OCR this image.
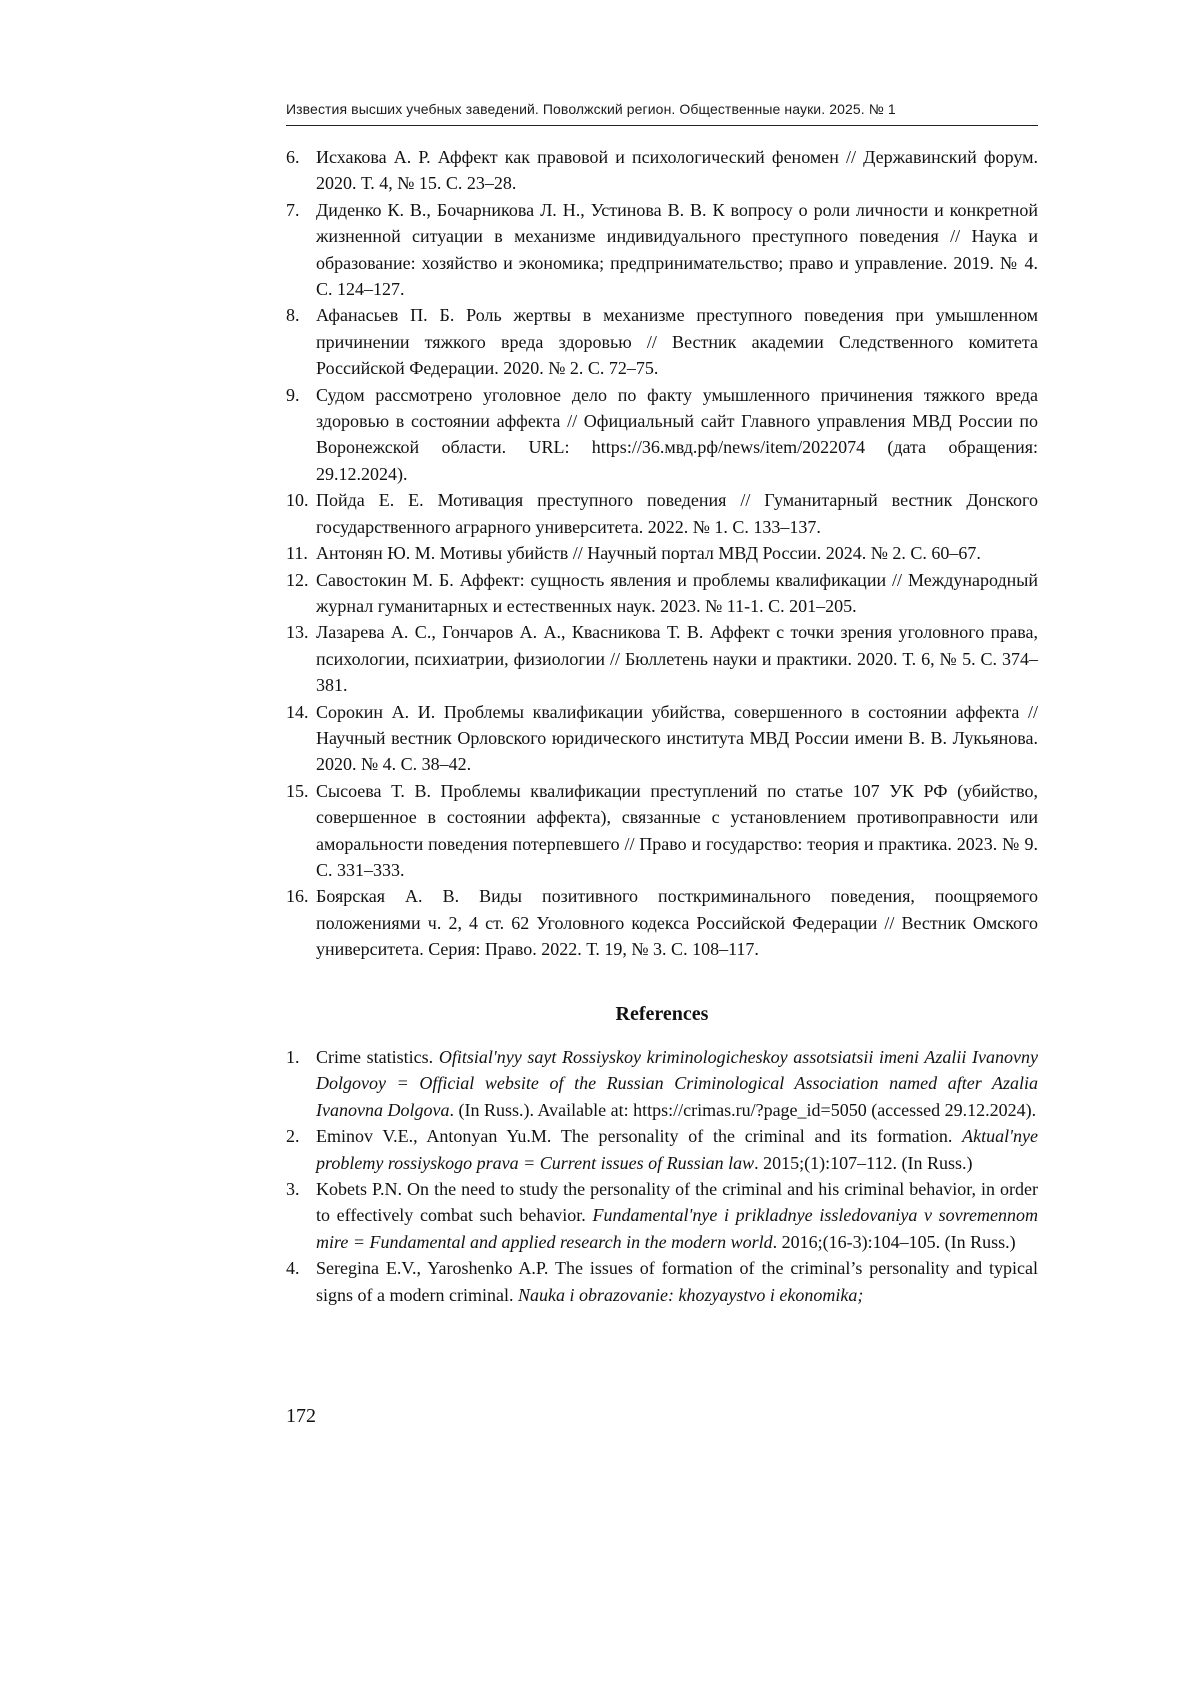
Известия высших учебных заведений. Поволжский регион. Общественные науки. 2025. № 1
6. Исхакова А. Р. Аффект как правовой и психологический феномен // Державинский форум. 2020. Т. 4, № 15. С. 23–28.
7. Диденко К. В., Бочарникова Л. Н., Устинова В. В. К вопросу о роли личности и конкретной жизненной ситуации в механизме индивидуального преступного поведения // Наука и образование: хозяйство и экономика; предпринимательство; право и управление. 2019. № 4. С. 124–127.
8. Афанасьев П. Б. Роль жертвы в механизме преступного поведения при умышленном причинении тяжкого вреда здоровью // Вестник академии Следственного комитета Российской Федерации. 2020. № 2. С. 72–75.
9. Судом рассмотрено уголовное дело по факту умышленного причинения тяжкого вреда здоровью в состоянии аффекта // Официальный сайт Главного управления МВД России по Воронежской области. URL: https://36.мвд.рф/news/item/2022074 (дата обращения: 29.12.2024).
10. Пойда Е. Е. Мотивация преступного поведения // Гуманитарный вестник Донского государственного аграрного университета. 2022. № 1. С. 133–137.
11. Антонян Ю. М. Мотивы убийств // Научный портал МВД России. 2024. № 2. С. 60–67.
12. Савостокин М. Б. Аффект: сущность явления и проблемы квалификации // Международный журнал гуманитарных и естественных наук. 2023. № 11-1. С. 201–205.
13. Лазарева А. С., Гончаров А. А., Квасникова Т. В. Аффект с точки зрения уголовного права, психологии, психиатрии, физиологии // Бюллетень науки и практики. 2020. Т. 6, № 5. С. 374–381.
14. Сорокин А. И. Проблемы квалификации убийства, совершенного в состоянии аффекта // Научный вестник Орловского юридического института МВД России имени В. В. Лукьянова. 2020. № 4. С. 38–42.
15. Сысоева Т. В. Проблемы квалификации преступлений по статье 107 УК РФ (убийство, совершенное в состоянии аффекта), связанные с установлением противоправности или аморальности поведения потерпевшего // Право и государство: теория и практика. 2023. № 9. С. 331–333.
16. Боярская А. В. Виды позитивного посткриминального поведения, поощряемого положениями ч. 2, 4 ст. 62 Уголовного кодекса Российской Федерации // Вестник Омского университета. Серия: Право. 2022. Т. 19, № 3. С. 108–117.
References
1. Crime statistics. Ofitsial'nyy sayt Rossiyskoy kriminologicheskoy assotsiatsii imeni Azalii Ivanovny Dolgovoy = Official website of the Russian Criminological Association named after Azalia Ivanovna Dolgova. (In Russ.). Available at: https://crimas.ru/?page_id=5050 (accessed 29.12.2024).
2. Eminov V.E., Antonyan Yu.M. The personality of the criminal and its formation. Aktual'nye problemy rossiyskogo prava = Current issues of Russian law. 2015;(1):107–112. (In Russ.)
3. Kobets P.N. On the need to study the personality of the criminal and his criminal behavior, in order to effectively combat such behavior. Fundamental'nye i prikladnye issledovaniya v sovremennom mire = Fundamental and applied research in the modern world. 2016;(16-3):104–105. (In Russ.)
4. Seregina E.V., Yaroshenko A.P. The issues of formation of the criminal’s personality and typical signs of a modern criminal. Nauka i obrazovanie: khozyaystvo i ekonomika;
172
